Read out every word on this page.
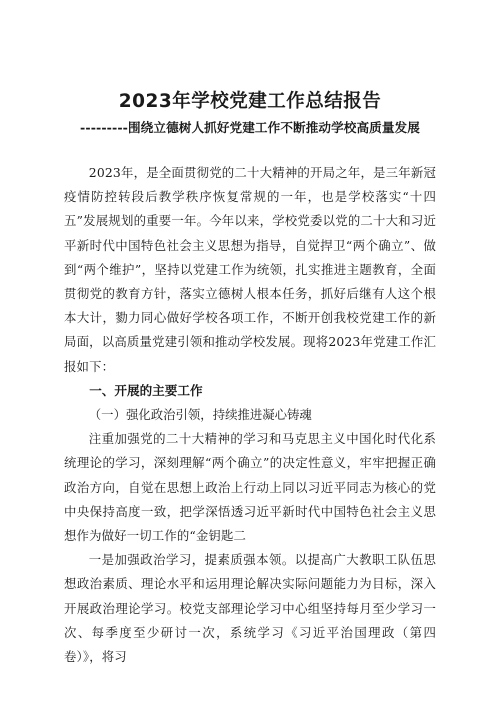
2023年学校党建工作总结报告
---------围绕立德树人抓好党建工作不断推动学校高质量发展

2023年，是全面贯彻党的二十大精神的开局之年，是三年新冠疫情防控转段后教学秩序恢复常规的一年，也是学校落实“十四五”发展规划的重要一年。今年以来，学校党委以党的二十大和习近平新时代中国特色社会主义思想为指导，自觉捍卫“两个确立”、做到“两个维护”，坚持以党建工作为统领，扎实推进主题教育，全面贯彻党的教育方针，落实立德树人根本任务，抓好后继有人这个根本大计，勠力同心做好学校各项工作，不断开创我校党建工作的新局面，以高质量党建引领和推动学校发展。现将2023年党建工作汇报如下：

一、开展的主要工作

（一）强化政治引领，持续推进凝心铸魂

注重加强党的二十大精神的学习和马克思主义中国化时代化系统理论的学习，深刻理解“两个确立”的决定性意义，牢牢把握正确政治方向，自觉在思想上政治上行动上同以习近平同志为核心的党中央保持高度一致，把学深悟透习近平新时代中国特色社会主义思想作为做好一切工作的“金钥匙二

一是加强政治学习，提素质强本领。以提高广大教职工队伍思想政治素质、理论水平和运用理论解决实际问题能力为目标，深入开展政治理论学习。校党支部理论学习中心组坚持每月至少学习一次、每季度至少研讨一次，系统学习《习近平治国理政（第四卷）》，将习
